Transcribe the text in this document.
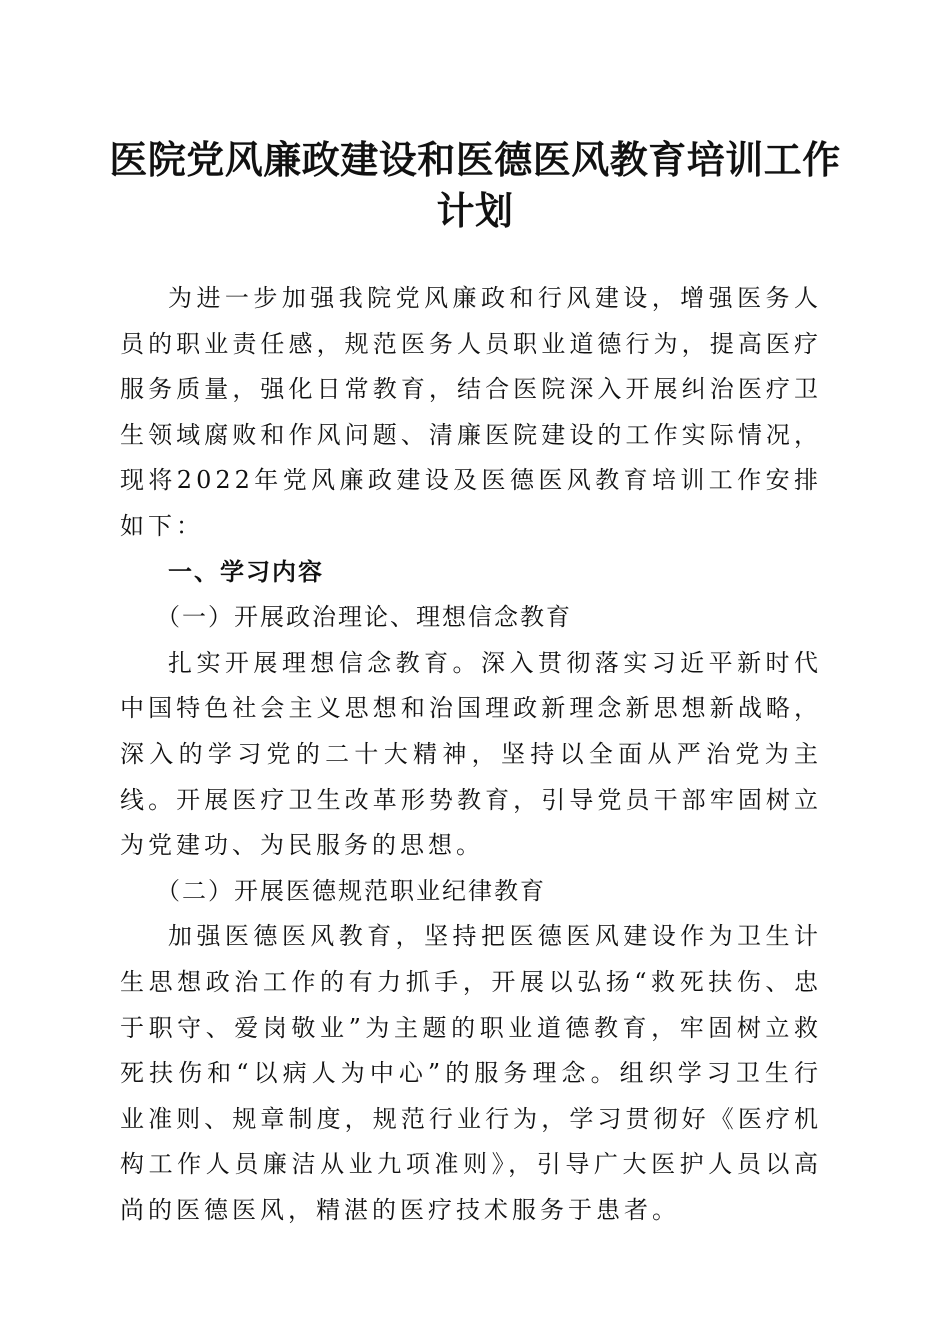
医院党风廉政建设和医德医风教育培训工作计划

为进一步加强我院党风廉政和行风建设，增强医务人员的职业责任感，规范医务人员职业道德行为，提高医疗服务质量，强化日常教育，结合医院深入开展纠治医疗卫生领域腐败和作风问题、清廉医院建设的工作实际情况，现将2022年党风廉政建设及医德医风教育培训工作安排如下：

一、学习内容

（一）开展政治理论、理想信念教育

扎实开展理想信念教育。深入贯彻落实习近平新时代中国特色社会主义思想和治国理政新理念新思想新战略，深入的学习党的二十大精神，坚持以全面从严治党为主线。开展医疗卫生改革形势教育，引导党员干部牢固树立为党建功、为民服务的思想。

（二）开展医德规范职业纪律教育

加强医德医风教育，坚持把医德医风建设作为卫生计生思想政治工作的有力抓手，开展以弘扬“救死扶伤、忠于职守、爱岗敬业”为主题的职业道德教育，牢固树立救死扶伤和“以病人为中心”的服务理念。组织学习卫生行业准则、规章制度，规范行业行为，学习贯彻好《医疗机构工作人员廉洁从业九项准则》，引导广大医护人员以高尚的医德医风，精湛的医疗技术服务于患者。
